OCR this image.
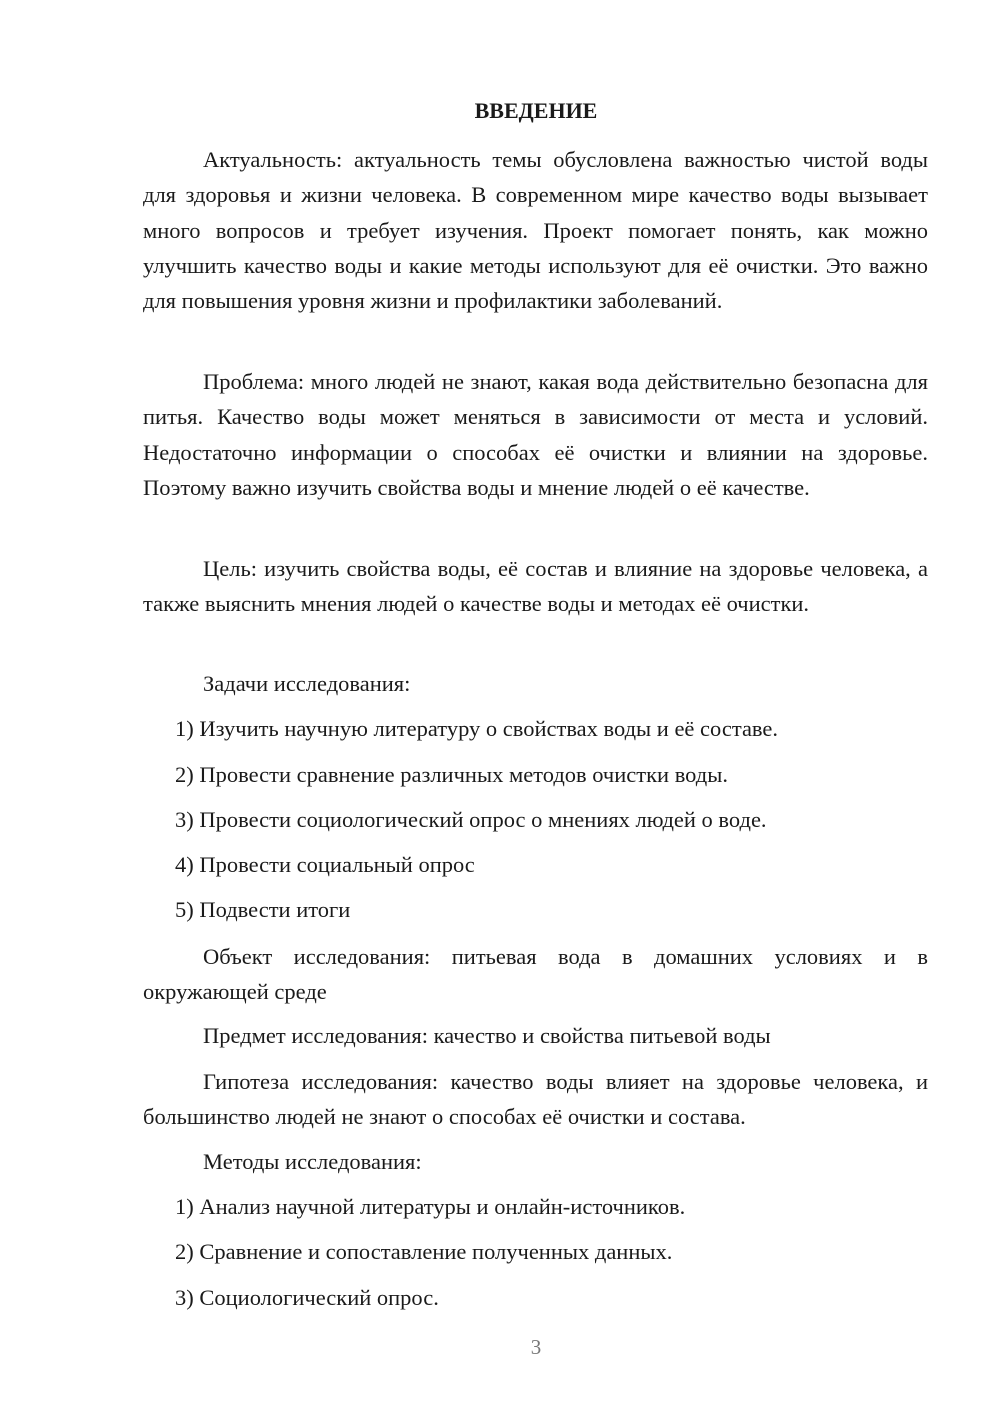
ВВЕДЕНИЕ

Актуальность: актуальность темы обусловлена важностью чистой воды для здоровья и жизни человека. В современном мире качество воды вызывает много вопросов и требует изучения. Проект помогает понять, как можно улучшить качество воды и какие методы используют для её очистки. Это важно для повышения уровня жизни и профилактики заболеваний.

Проблема: много людей не знают, какая вода действительно безопасна для питья. Качество воды может меняться в зависимости от места и условий. Недостаточно информации о способах её очистки и влиянии на здоровье. Поэтому важно изучить свойства воды и мнение людей о её качестве.

Цель: изучить свойства воды, её состав и влияние на здоровье человека, а также выяснить мнения людей о качестве воды и методах её очистки.

Задачи исследования:

1) Изучить научную литературу о свойствах воды и её составе.

2) Провести сравнение различных методов очистки воды.

3) Провести социологический опрос о мнениях людей о воде.

4) Провести социальный опрос

5) Подвести итоги

Объект исследования: питьевая вода в домашних условиях и в окружающей среде

Предмет исследования: качество и свойства питьевой воды

Гипотеза исследования: качество воды влияет на здоровье человека, и большинство людей не знают о способах её очистки и состава.

Методы исследования:

1) Анализ научной литературы и онлайн-источников.

2) Сравнение и сопоставление полученных данных.

3) Социологический опрос.

3
